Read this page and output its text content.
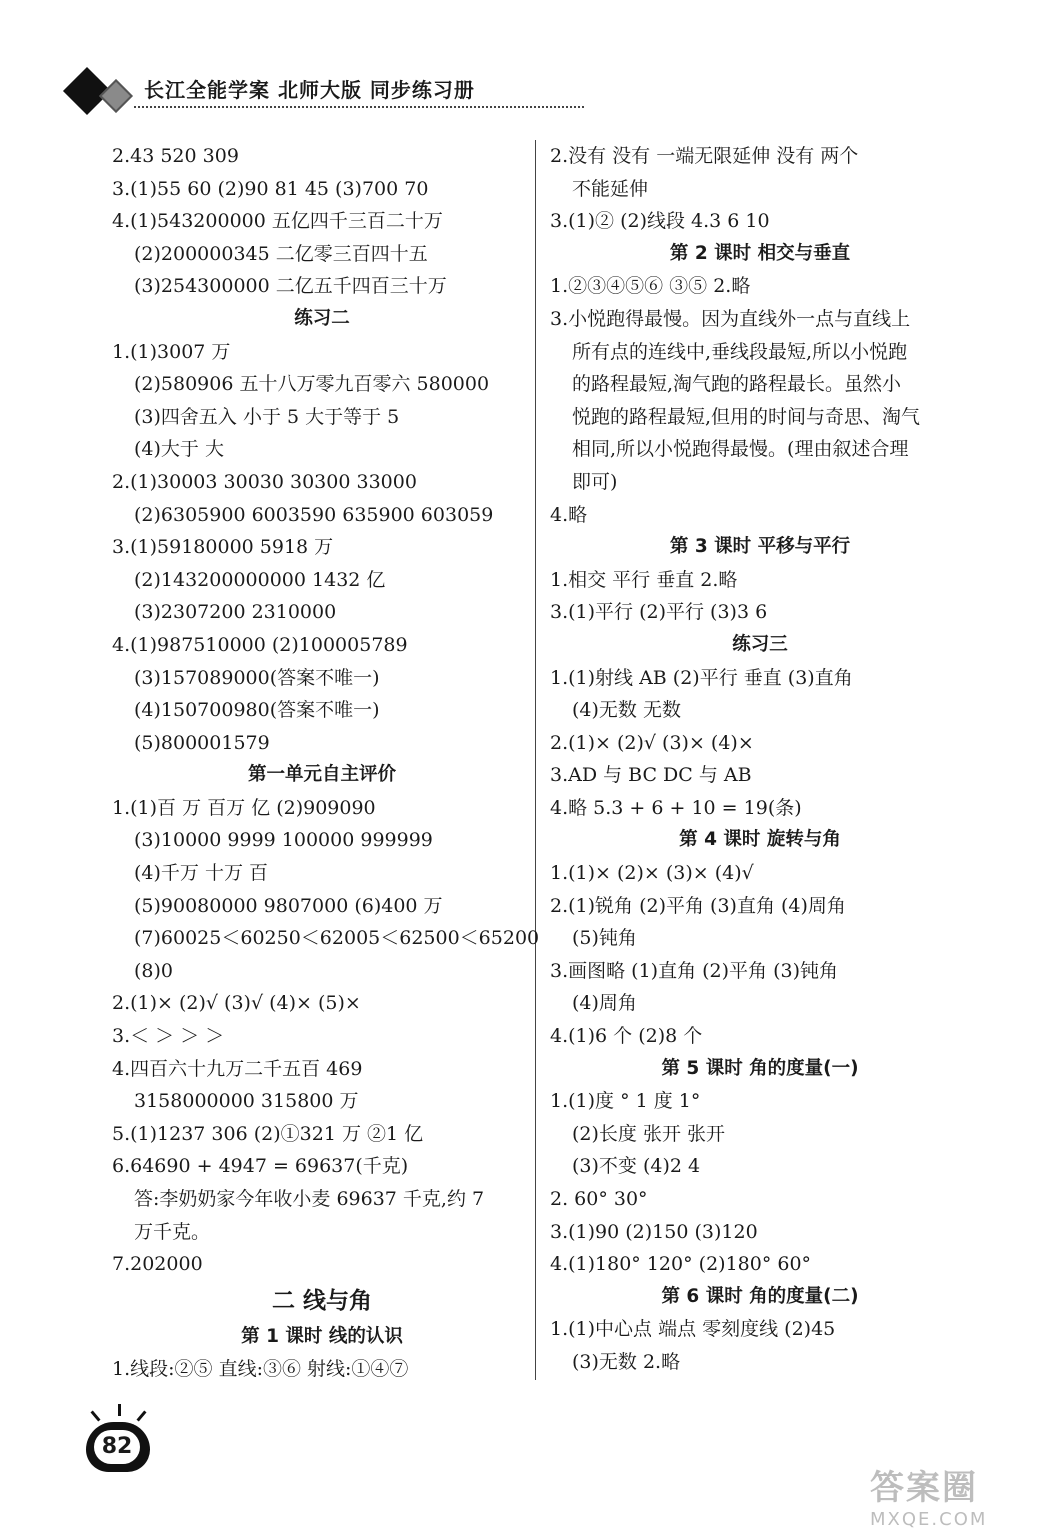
长江全能学案 北师大版 同步练习册
2.43 520 309
3.(1)55 60 (2)90 81 45 (3)700 70
4.(1)543200000 五亿四千三百二十万
(2)200000345 二亿零三百四十五
(3)254300000 二亿五千四百三十万
练习二
1.(1)3007 万
(2)580906 五十八万零九百零六 580000
(3)四舍五入 小于 5 大于等于 5
(4)大于 大
2.(1)30003 30030 30300 33000
(2)6305900 6003590 635900 603059
3.(1)59180000 5918 万
(2)143200000000 1432 亿
(3)2307200 2310000
4.(1)987510000 (2)100005789
(3)157089000(答案不唯一)
(4)150700980(答案不唯一)
(5)800001579
第一单元自主评价
1.(1)百 万 百万 亿 (2)909090
(3)10000 9999 100000 999999
(4)千万 十万 百
(5)90080000 9807000 (6)400 万
(7)60025＜60250＜62005＜62500＜65200
(8)0
2.(1)× (2)√ (3)√ (4)× (5)×
3.＜ ＞ ＞ ＞
4.四百六十九万二千五百 469
3158000000 315800 万
5.(1)1237 306 (2)①321 万 ②1 亿
6.64690 + 4947 = 69637(千克)
答:李奶奶家今年收小麦 69637 千克,约 7
万千克。
7.202000
二 线与角
第 1 课时 线的认识
1.线段:②⑤ 直线:③⑥ 射线:①④⑦
2.没有 没有 一端无限延伸 没有 两个
不能延伸
3.(1)② (2)线段 4.3 6 10
第 2 课时 相交与垂直
1.②③④⑤⑥ ③⑤ 2.略
3.小悦跑得最慢。因为直线外一点与直线上
所有点的连线中,垂线段最短,所以小悦跑
的路程最短,淘气跑的路程最长。虽然小
悦跑的路程最短,但用的时间与奇思、淘气
相同,所以小悦跑得最慢。(理由叙述合理
即可)
4.略
第 3 课时 平移与平行
1.相交 平行 垂直 2.略
3.(1)平行 (2)平行 (3)3 6
练习三
1.(1)射线 AB (2)平行 垂直 (3)直角
(4)无数 无数
2.(1)× (2)√ (3)× (4)×
3.AD 与 BC DC 与 AB
4.略 5.3 + 6 + 10 = 19(条)
第 4 课时 旋转与角
1.(1)× (2)× (3)× (4)√
2.(1)锐角 (2)平角 (3)直角 (4)周角
(5)钝角
3.画图略 (1)直角 (2)平角 (3)钝角
(4)周角
4.(1)6 个 (2)8 个
第 5 课时 角的度量(一)
1.(1)度 ° 1 度 1°
(2)长度 张开 张开
(3)不变 (4)2 4
2. 60° 30°
3.(1)90 (2)150 (3)120
4.(1)180° 120° (2)180° 60°
第 6 课时 角的度量(二)
1.(1)中心点 端点 零刻度线 (2)45
(3)无数 2.略
82
答案圈
MXQE.COM
